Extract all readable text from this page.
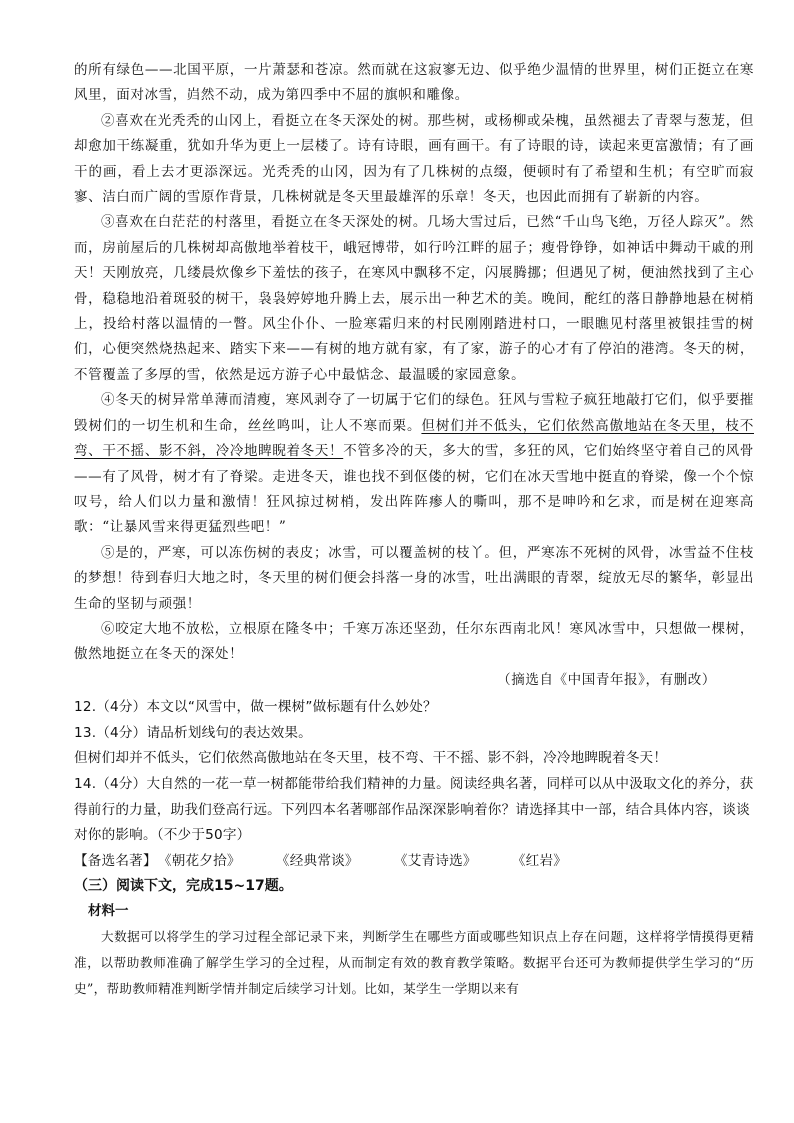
的所有绿色——北国平原，一片萧瑟和苍凉。然而就在这寂寥无边、似乎绝少温情的世界里，树们正挺立在寒风里，面对冰雪，岿然不动，成为第四季中不屈的旗帜和雕像。

②喜欢在光秃秃的山冈上，看挺立在冬天深处的树。那些树，或杨柳或朵槐，虽然褪去了青翠与葱茏，但却愈加干练凝重，犹如升华为更上一层楼了。诗有诗眼，画有画干。有了诗眼的诗，读起来更富激情；有了画干的画，看上去才更添深远。光秃秃的山冈，因为有了几株树的点缀，便顿时有了希望和生机；有空旷而寂寥、洁白而广阔的雪原作背景，几株树就是冬天里最雄浑的乐章！冬天，也因此而拥有了崭新的内容。

③喜欢在白茫茫的村落里，看挺立在冬天深处的树。几场大雪过后，已然“千山鸟飞绝，万径人踪灭”。然而，房前屋后的几株树却高傲地举着枝干，峨冠博带，如行吟江畔的屈子；瘦骨铮铮，如神话中舞动干戚的刑天！天刚放亮，几缕晨炊像乡下羞怯的孩子，在寒风中飘移不定，闪展腾挪；但遇见了树，便油然找到了主心骨，稳稳地沿着斑驳的树干，袅袅婷婷地升腾上去，展示出一种艺术的美。晚间，酡红的落日静静地悬在树梢上，投给村落以温情的一瞥。风尘仆仆、一脸寒霜归来的村民刚刚踏进村口，一眼瞧见村落里被银挂雪的树们，心便突然烧热起来、踏实下来——有树的地方就有家，有了家，游子的心才有了停泊的港湾。冬天的树，不管覆盖了多厚的雪，依然是远方游子心中最惦念、最温暖的家园意象。

④冬天的树异常单薄而清瘦，寒风剥夺了一切属于它们的绿色。狂风与雪粒子疯狂地敲打它们，似乎要摧毁树们的一切生机和生命，丝丝鸣叫，让人不寒而栗。但树们并不低头，它们依然高傲地站在冬天里，枝不弯、干不摇、影不斜，冷冷地睥睨着冬天！不管多冷的天，多大的雪，多狂的风，它们始终坚守着自己的风骨——有了风骨，树才有了脊梁。走进冬天，谁也找不到伛偻的树，它们在冰天雪地中挺直的脊梁，像一个个惊叹号，给人们以力量和激情！狂风掠过树梢，发出阵阵瘆人的嘶叫，那不是呻吟和乞求，而是树在迎寒高歌：“让暴风雪来得更猛烈些吧！”

⑤是的，严寒，可以冻伤树的表皮；冰雪，可以覆盖树的枝丫。但，严寒冻不死树的风骨，冰雪益不住枝的梦想！待到春归大地之时，冬天里的树们便会抖落一身的冰雪，吐出满眼的青翠，绽放无尽的繁华，彰显出生命的坚韧与顽强！

⑥咬定大地不放松，立根原在隆冬中；千寒万冻还坚劲，任尔东西南北风！寒风冰雪中，只想做一棵树，傲然地挺立在冬天的深处！

（摘选自《中国青年报》，有删改）

12.（4分）本文以“风雪中，做一棵树”做标题有什么妙处？

13.（4分）请品析划线句的表达效果。

但树们却并不低头，它们依然高傲地站在冬天里，枝不弯、干不摇、影不斜，冷冷地睥睨着冬天！

14.（4分）大自然的一花一草一树都能带给我们精神的力量。阅读经典名著，同样可以从中汲取文化的养分，获得前行的力量，助我们登高行远。下列四本名著哪部作品深深影响着你？请选择其中一部，结合具体内容，谈谈对你的影响。（不少于50字）

【备选名著】 《朝花夕拾》	《经典常谈》	《艾青诗选》	《红岩》

（三）阅读下文，完成15~17题。
材料一

大数据可以将学生的学习过程全部记录下来，判断学生在哪些方面或哪些知识点上存在问题，这样将学情摸得更精准，以帮助教师准确了解学生学习的全过程，从而制定有效的教育教学策略。数据平台还可为教师提供学生学习的“历史”，帮助教师精准判断学情并制定后续学习计划。比如，某学生一学期以来有
